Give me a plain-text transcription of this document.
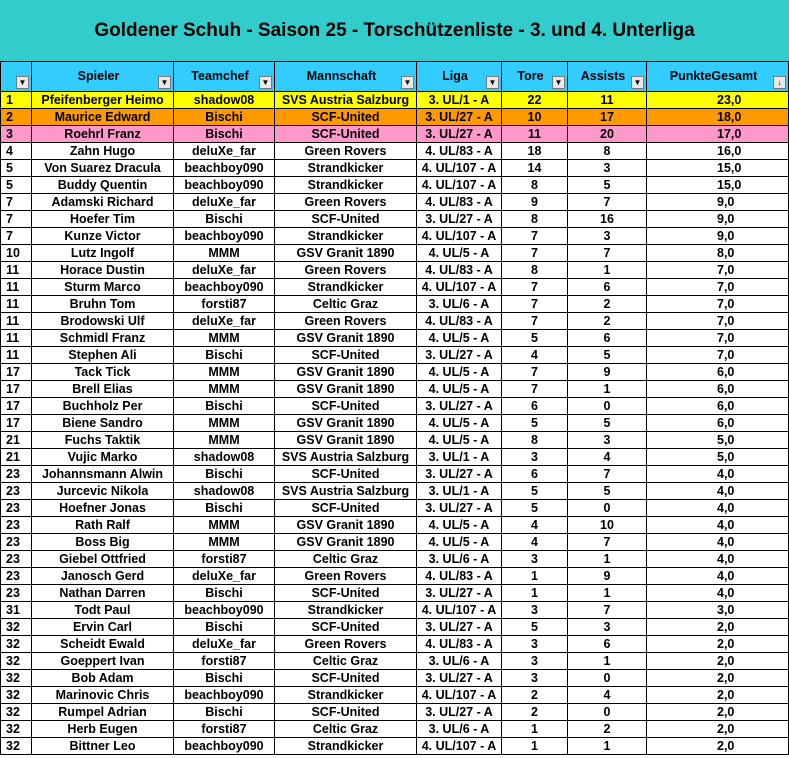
Goldener Schuh - Saison 25 - Torschützenliste - 3. und 4. Unterliga
▼	Spieler ▼	Teamchef ▼	Mannschaft ▼	Liga ▼	Tore ▼	Assists ▼	PunkteGesamt ↓

1	Pfeifenberger Heimo	shadow08	SVS Austria Salzburg	3. UL/1 - A	22	11	23,0
2	Maurice Edward	Bischi	SCF-United	3. UL/27 - A	10	17	18,0
3	Roehrl Franz	Bischi	SCF-United	3. UL/27 - A	11	20	17,0
4	Zahn Hugo	deluXe_far	Green Rovers	4. UL/83 - A	18	8	16,0
5	Von Suarez Dracula	beachboy090	Strandkicker	4. UL/107 - A	14	3	15,0
5	Buddy Quentin	beachboy090	Strandkicker	4. UL/107 - A	8	5	15,0
7	Adamski Richard	deluXe_far	Green Rovers	4. UL/83 - A	9	7	9,0
7	Hoefer Tim	Bischi	SCF-United	3. UL/27 - A	8	16	9,0
7	Kunze Victor	beachboy090	Strandkicker	4. UL/107 - A	7	3	9,0
10	Lutz Ingolf	MMM	GSV Granit 1890	4. UL/5 - A	7	7	8,0
11	Horace Dustin	deluXe_far	Green Rovers	4. UL/83 - A	8	1	7,0
11	Sturm Marco	beachboy090	Strandkicker	4. UL/107 - A	7	6	7,0
11	Bruhn Tom	forsti87	Celtic Graz	3. UL/6 - A	7	2	7,0
11	Brodowski Ulf	deluXe_far	Green Rovers	4. UL/83 - A	7	2	7,0
11	Schmidl Franz	MMM	GSV Granit 1890	4. UL/5 - A	5	6	7,0
11	Stephen Ali	Bischi	SCF-United	3. UL/27 - A	4	5	7,0
17	Tack Tick	MMM	GSV Granit 1890	4. UL/5 - A	7	9	6,0
17	Brell Elias	MMM	GSV Granit 1890	4. UL/5 - A	7	1	6,0
17	Buchholz Per	Bischi	SCF-United	3. UL/27 - A	6	0	6,0
17	Biene Sandro	MMM	GSV Granit 1890	4. UL/5 - A	5	5	6,0
21	Fuchs Taktik	MMM	GSV Granit 1890	4. UL/5 - A	8	3	5,0
21	Vujic Marko	shadow08	SVS Austria Salzburg	3. UL/1 - A	3	4	5,0
23	Johannsmann Alwin	Bischi	SCF-United	3. UL/27 - A	6	7	4,0
23	Jurcevic Nikola	shadow08	SVS Austria Salzburg	3. UL/1 - A	5	5	4,0
23	Hoefner Jonas	Bischi	SCF-United	3. UL/27 - A	5	0	4,0
23	Rath Ralf	MMM	GSV Granit 1890	4. UL/5 - A	4	10	4,0
23	Boss Big	MMM	GSV Granit 1890	4. UL/5 - A	4	7	4,0
23	Giebel Ottfried	forsti87	Celtic Graz	3. UL/6 - A	3	1	4,0
23	Janosch Gerd	deluXe_far	Green Rovers	4. UL/83 - A	1	9	4,0
23	Nathan Darren	Bischi	SCF-United	3. UL/27 - A	1	1	4,0
31	Todt Paul	beachboy090	Strandkicker	4. UL/107 - A	3	7	3,0
32	Ervin Carl	Bischi	SCF-United	3. UL/27 - A	5	3	2,0
32	Scheidt Ewald	deluXe_far	Green Rovers	4. UL/83 - A	3	6	2,0
32	Goeppert Ivan	forsti87	Celtic Graz	3. UL/6 - A	3	1	2,0
32	Bob Adam	Bischi	SCF-United	3. UL/27 - A	3	0	2,0
32	Marinovic Chris	beachboy090	Strandkicker	4. UL/107 - A	2	4	2,0
32	Rumpel Adrian	Bischi	SCF-United	3. UL/27 - A	2	0	2,0
32	Herb Eugen	forsti87	Celtic Graz	3. UL/6 - A	1	2	2,0
32	Bittner Leo	beachboy090	Strandkicker	4. UL/107 - A	1	1	2,0
